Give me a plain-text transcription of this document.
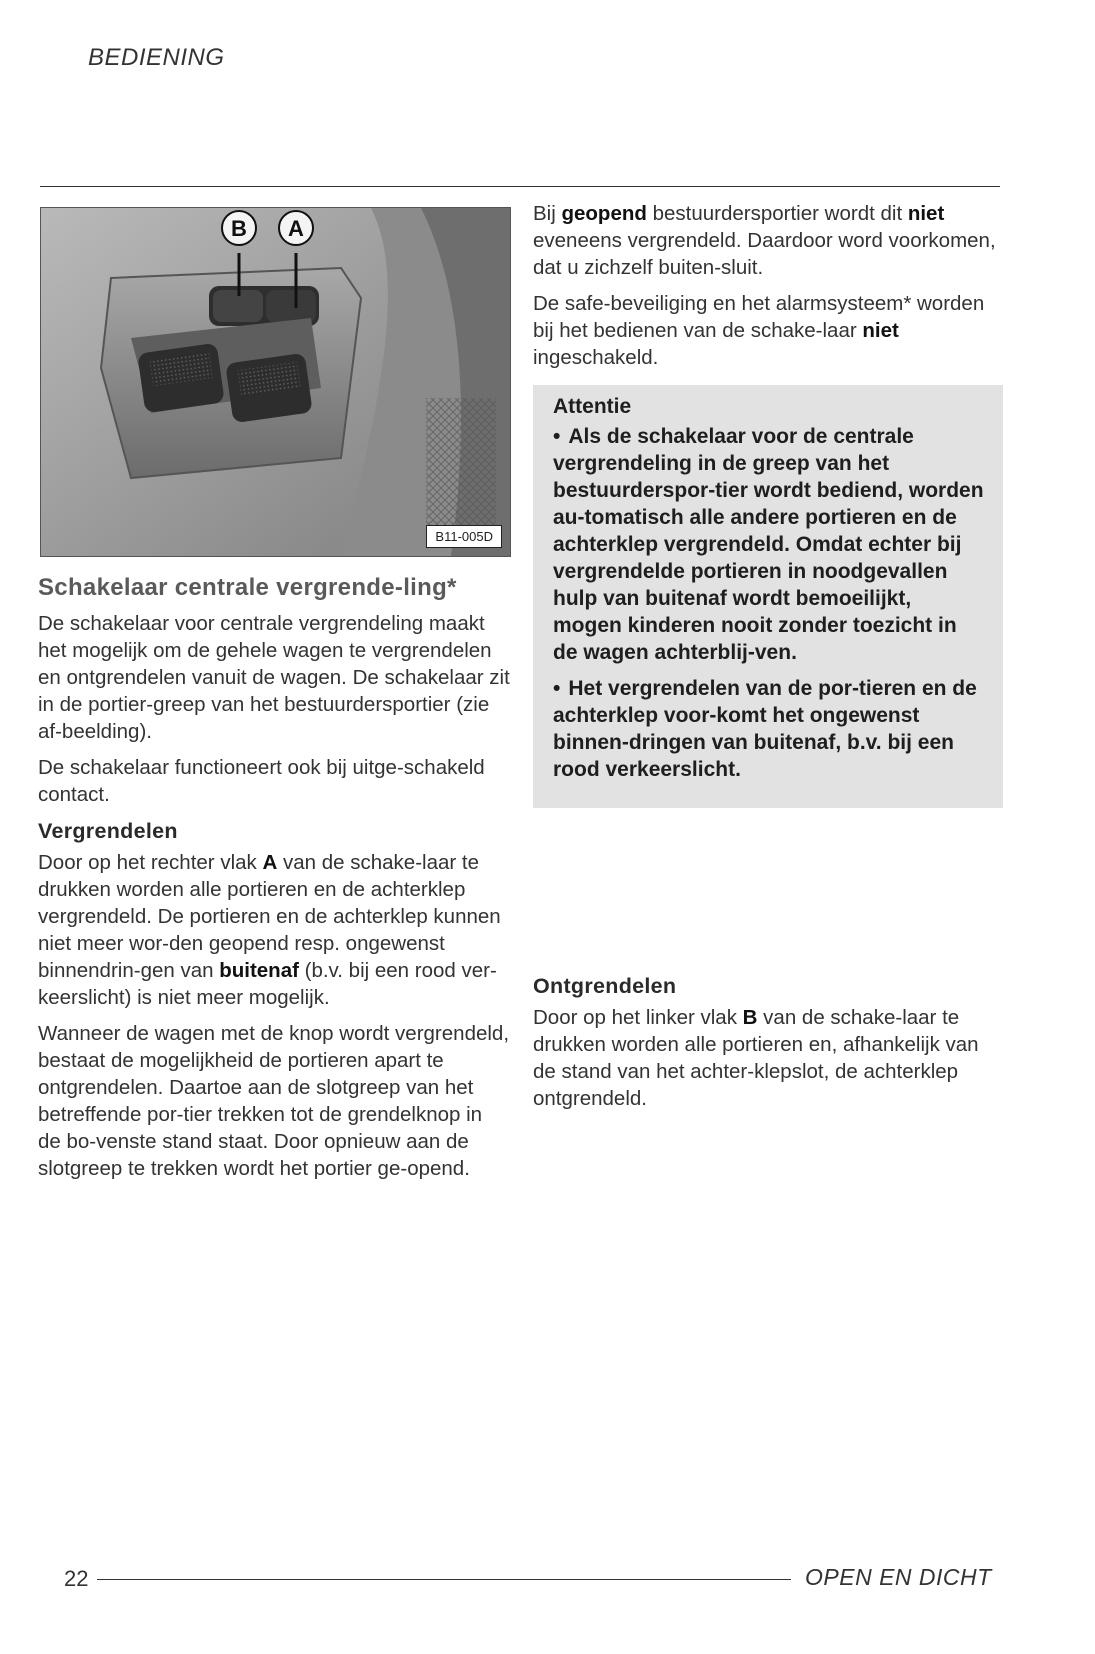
BEDIENING
B A
B11-005D
Schakelaar centrale vergrende-ling*

De schakelaar voor centrale vergrendeling maakt het mogelijk om de gehele wagen te vergrendelen en ontgrendelen vanuit de wagen. De schakelaar zit in de portier-greep van het bestuurdersportier (zie af-beelding).

De schakelaar functioneert ook bij uitge-schakeld contact.

Vergrendelen

Door op het rechter vlak A van de schake-laar te drukken worden alle portieren en de achterklep vergrendeld. De portieren en de achterklep kunnen niet meer wor-den geopend resp. ongewenst binnendrin-gen van buitenaf (b.v. bij een rood ver-keerslicht) is niet meer mogelijk.

Wanneer de wagen met de knop wordt vergrendeld, bestaat de mogelijkheid de portieren apart te ontgrendelen. Daartoe aan de slotgreep van het betreffende por-tier trekken tot de grendelknop in de bo-venste stand staat. Door opnieuw aan de slotgreep te trekken wordt het portier ge-opend.

Bij geopend bestuurdersportier wordt dit niet eveneens vergrendeld. Daardoor word voorkomen, dat u zichzelf buiten-sluit.

De safe-beveiliging en het alarmsysteem* worden bij het bedienen van de schake-laar niet ingeschakeld.

Attentie
• Als de schakelaar voor de centrale vergrendeling in de greep van het bestuurderspor-tier wordt bediend, worden au-tomatisch alle andere portieren en de achterklep vergrendeld. Omdat echter bij vergrendelde portieren in noodgevallen hulp van buitenaf wordt bemoeilijkt, mogen kinderen nooit zonder toezicht in de wagen achterblij-ven.
• Het vergrendelen van de por-tieren en de achterklep voor-komt het ongewenst binnen-dringen van buitenaf, b.v. bij een rood verkeerslicht.
Ontgrendelen

Door op het linker vlak B van de schake-laar te drukken worden alle portieren en, afhankelijk van de stand van het achter-klepslot, de achterklep ontgrendeld.

22	OPEN EN DICHT
